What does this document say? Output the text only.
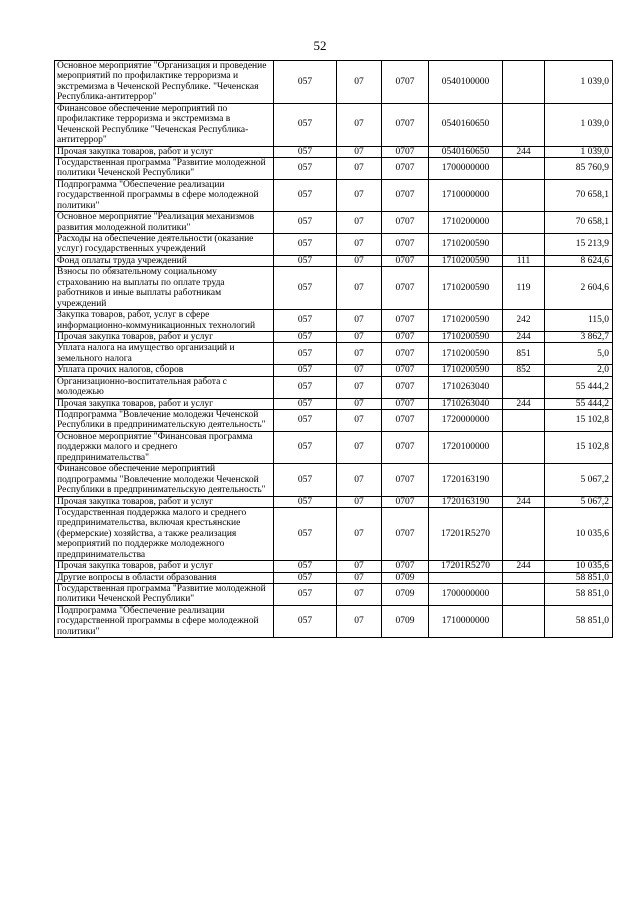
52
Основное мероприятие "Организация и проведение мероприятий по профилактике терроризма и экстремизма в Чеченской Республике. "Чеченская Республика-антитеррор"	057	07	0707	0540100000		1 039,0
Финансовое обеспечение мероприятий по профилактике терроризма и экстремизма в Чеченской Республике "Чеченская Республика-антитеррор"	057	07	0707	0540160650		1 039,0
Прочая закупка товаров, работ и услуг	057	07	0707	0540160650	244	1 039,0
Государственная программа "Развитие молодежной политики Чеченской Республики"	057	07	0707	1700000000		85 760,9
Подпрограмма "Обеспечение реализации государственной программы в сфере молодежной политики"	057	07	0707	1710000000		70 658,1
Основное мероприятие "Реализация механизмов развития молодежной политики"	057	07	0707	1710200000		70 658,1
Расходы на обеспечение деятельности (оказание услуг) государственных учреждений	057	07	0707	1710200590		15 213,9
Фонд оплаты труда учреждений	057	07	0707	1710200590	111	8 624,6
Взносы по обязательному социальному страхованию на выплаты по оплате труда работников и иные выплаты работникам учреждений	057	07	0707	1710200590	119	2 604,6
Закупка товаров, работ, услуг в сфере информационно-коммуникационных технологий	057	07	0707	1710200590	242	115,0
Прочая закупка товаров, работ и услуг	057	07	0707	1710200590	244	3 862,7
Уплата налога на имущество организаций и земельного налога	057	07	0707	1710200590	851	5,0
Уплата прочих налогов, сборов	057	07	0707	1710200590	852	2,0
Организационно-воспитательная работа с молодежью	057	07	0707	1710263040		55 444,2
Прочая закупка товаров, работ и услуг	057	07	0707	1710263040	244	55 444,2
Подпрограмма "Вовлечение молодежи Чеченской Республики в предпринимательскую деятельность"	057	07	0707	1720000000		15 102,8
Основное мероприятие "Финансовая программа поддержки малого и среднего предпринимательства"	057	07	0707	1720100000		15 102,8
Финансовое обеспечение мероприятий подпрограммы "Вовлечение молодежи Чеченской Республики в предпринимательскую деятельность"	057	07	0707	1720163190		5 067,2
Прочая закупка товаров, работ и услуг	057	07	0707	1720163190	244	5 067,2
Государственная поддержка малого и среднего предпринимательства, включая крестьянские (фермерские) хозяйства, а также реализация мероприятий по поддержке молодежного предпринимательства	057	07	0707	17201R5270		10 035,6
Прочая закупка товаров, работ и услуг	057	07	0707	17201R5270	244	10 035,6
Другие вопросы в области образования	057	07	0709			58 851,0
Государственная программа "Развитие молодежной политики Чеченской Республики"	057	07	0709	1700000000		58 851,0
Подпрограмма "Обеспечение реализации государственной программы в сфере молодежной политики"	057	07	0709	1710000000		58 851,0
